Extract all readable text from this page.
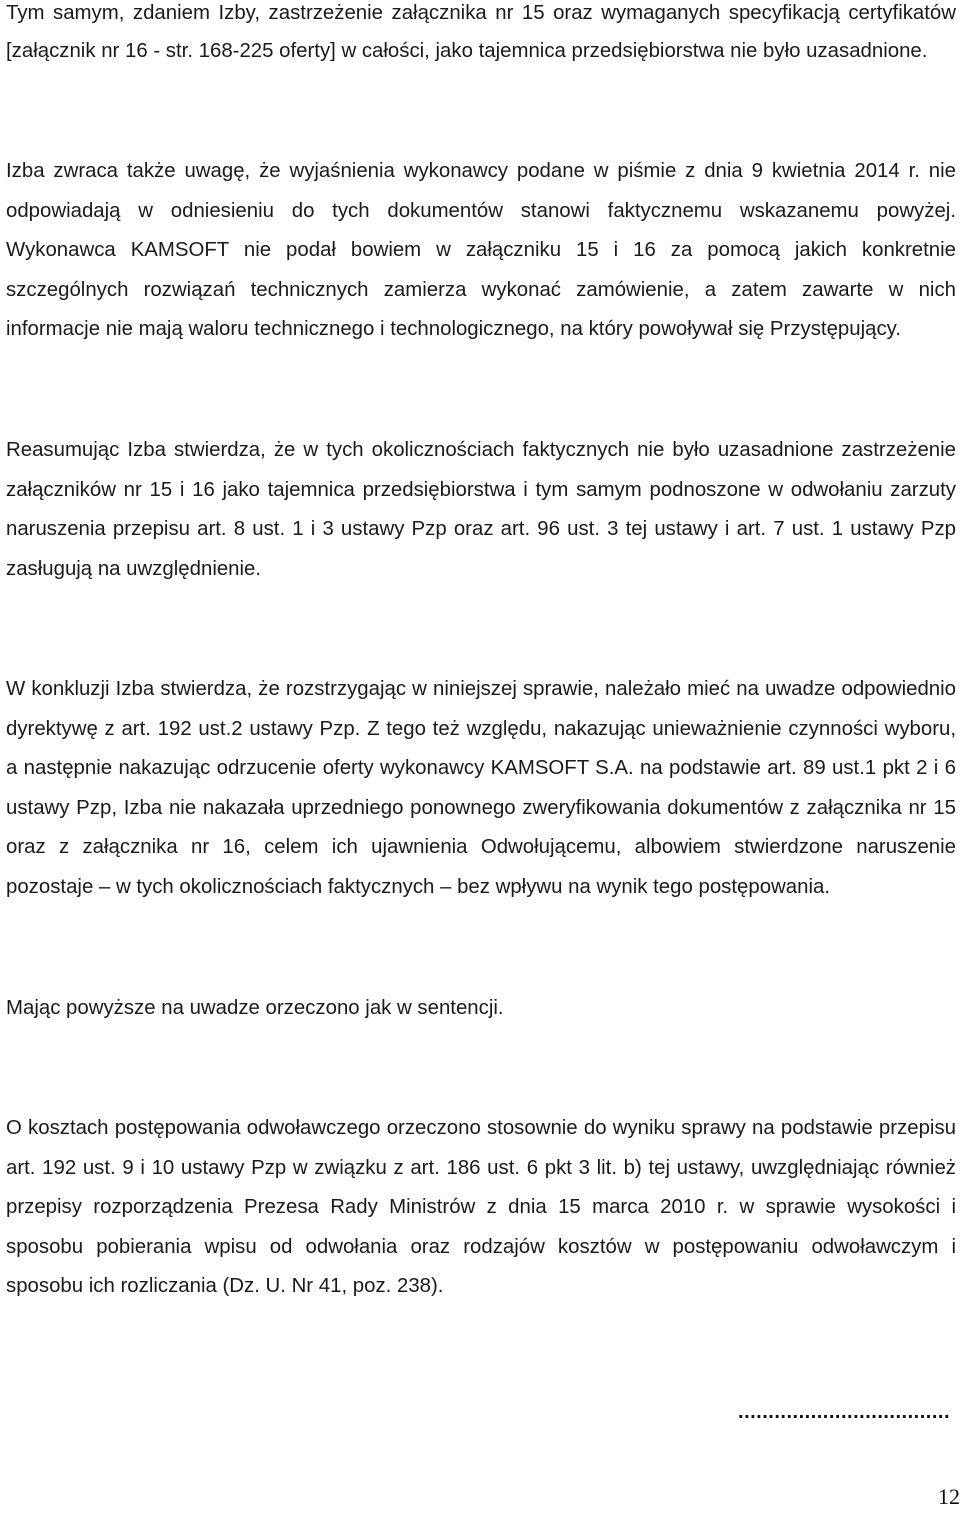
Tym samym, zdaniem Izby, zastrzeżenie załącznika nr 15 oraz wymaganych specyfikacją certyfikatów [załącznik nr 16 - str. 168-225 oferty] w całości, jako tajemnica przedsiębiorstwa nie było uzasadnione.

Izba zwraca także uwagę, że wyjaśnienia wykonawcy podane w piśmie z dnia 9 kwietnia 2014 r. nie odpowiadają w odniesieniu do tych dokumentów stanowi faktycznemu wskazanemu powyżej. Wykonawca KAMSOFT nie podał bowiem w załączniku 15 i 16 za pomocą jakich konkretnie szczególnych rozwiązań technicznych zamierza wykonać zamówienie, a zatem zawarte w nich informacje nie mają waloru technicznego i technologicznego, na który powoływał się Przystępujący.

Reasumując Izba stwierdza, że w tych okolicznościach faktycznych nie było uzasadnione zastrzeżenie załączników nr 15 i 16 jako tajemnica przedsiębiorstwa i tym samym podnoszone w odwołaniu zarzuty naruszenia przepisu art. 8 ust. 1 i 3 ustawy Pzp oraz art. 96 ust. 3 tej ustawy i art. 7 ust. 1 ustawy Pzp zasługują na uwzględnienie.

W konkluzji Izba stwierdza, że rozstrzygając w niniejszej sprawie, należało mieć na uwadze odpowiednio dyrektywę z art. 192 ust.2 ustawy Pzp. Z tego też względu, nakazując unieważnienie czynności wyboru, a następnie nakazując odrzucenie oferty wykonawcy KAMSOFT S.A. na podstawie art. 89 ust.1 pkt 2 i 6 ustawy Pzp, Izba nie nakazała uprzedniego ponownego zweryfikowania dokumentów z załącznika nr 15 oraz z załącznika nr 16, celem ich ujawnienia Odwołującemu, albowiem stwierdzone naruszenie pozostaje – w tych okolicznościach faktycznych – bez wpływu na wynik tego postępowania.

Mając powyższe na uwadze orzeczono jak w sentencji.

O kosztach postępowania odwoławczego orzeczono stosownie do wyniku sprawy na podstawie przepisu art. 192 ust. 9 i 10 ustawy Pzp w związku z art. 186 ust. 6 pkt 3 lit. b) tej ustawy, uwzględniając również przepisy rozporządzenia Prezesa Rady Ministrów z dnia 15 marca 2010 r. w sprawie wysokości i sposobu pobierania wpisu od odwołania oraz rodzajów kosztów w postępowaniu odwoławczym i sposobu ich rozliczania (Dz. U. Nr 41, poz. 238).

...................................
12
